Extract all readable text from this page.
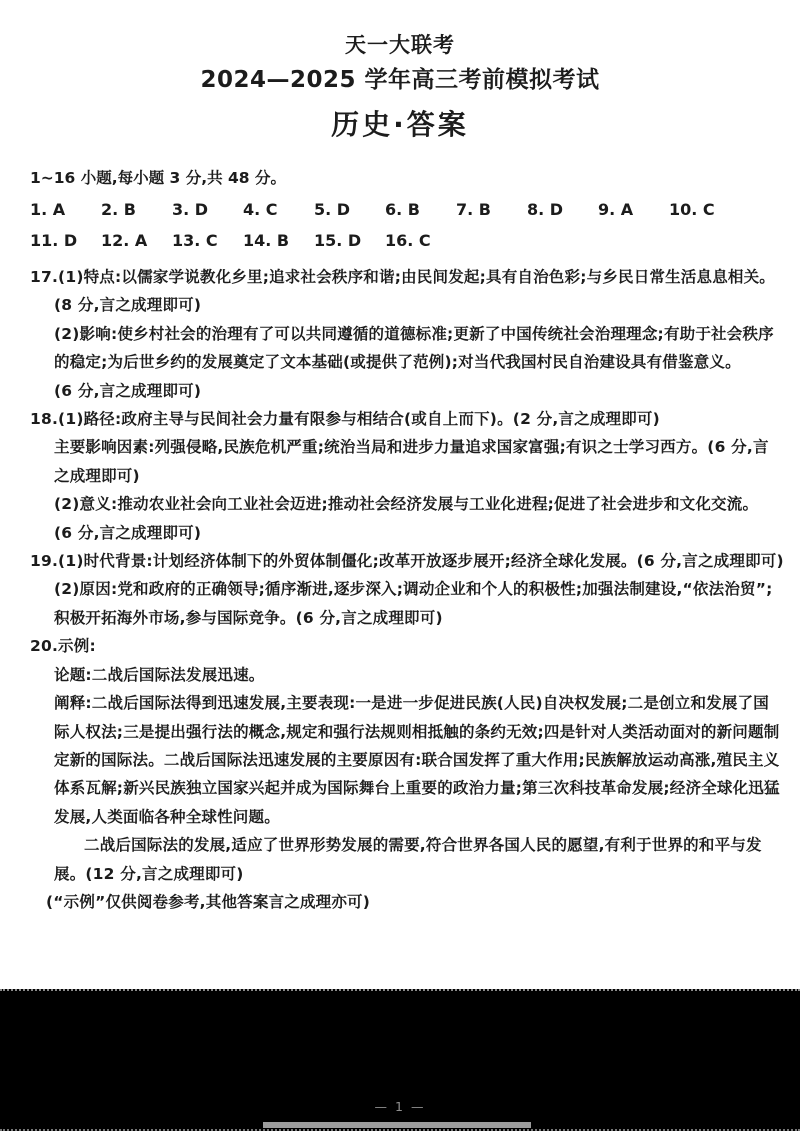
天一大联考
2024—2025 学年高三考前模拟考试
历史·答案
1~16 小题,每小题 3 分,共 48 分。
1. A	2. B	3. D	4. C	5. D	6. B	7. B	8. D	9. A	10. C
11. D	12. A	13. C	14. B	15. D	16. C
17.(1)特点:以儒家学说教化乡里;追求社会秩序和谐;由民间发起;具有自治色彩;与乡民日常生活息息相关。
(8 分,言之成理即可)
(2)影响:使乡村社会的治理有了可以共同遵循的道德标准;更新了中国传统社会治理理念;有助于社会秩序
的稳定;为后世乡约的发展奠定了文本基础(或提供了范例);对当代我国村民自治建设具有借鉴意义。
(6 分,言之成理即可)
18.(1)路径:政府主导与民间社会力量有限参与相结合(或自上而下)。(2 分,言之成理即可)
主要影响因素:列强侵略,民族危机严重;统治当局和进步力量追求国家富强;有识之士学习西方。(6 分,言
之成理即可)
(2)意义:推动农业社会向工业社会迈进;推动社会经济发展与工业化进程;促进了社会进步和文化交流。
(6 分,言之成理即可)
19.(1)时代背景:计划经济体制下的外贸体制僵化;改革开放逐步展开;经济全球化发展。(6 分,言之成理即可)
(2)原因:党和政府的正确领导;循序渐进,逐步深入;调动企业和个人的积极性;加强法制建设,“依法治贸”;
积极开拓海外市场,参与国际竞争。(6 分,言之成理即可)
20.示例:
论题:二战后国际法发展迅速。
阐释:二战后国际法得到迅速发展,主要表现:一是进一步促进民族(人民)自决权发展;二是创立和发展了国
际人权法;三是提出强行法的概念,规定和强行法规则相抵触的条约无效;四是针对人类活动面对的新问题制
定新的国际法。二战后国际法迅速发展的主要原因有:联合国发挥了重大作用;民族解放运动高涨,殖民主义
体系瓦解;新兴民族独立国家兴起并成为国际舞台上重要的政治力量;第三次科技革命发展;经济全球化迅猛
发展,人类面临各种全球性问题。
二战后国际法的发展,适应了世界形势发展的需要,符合世界各国人民的愿望,有利于世界的和平与发
展。(12 分,言之成理即可)
(“示例”仅供阅卷参考,其他答案言之成理亦可)
— 1 —
